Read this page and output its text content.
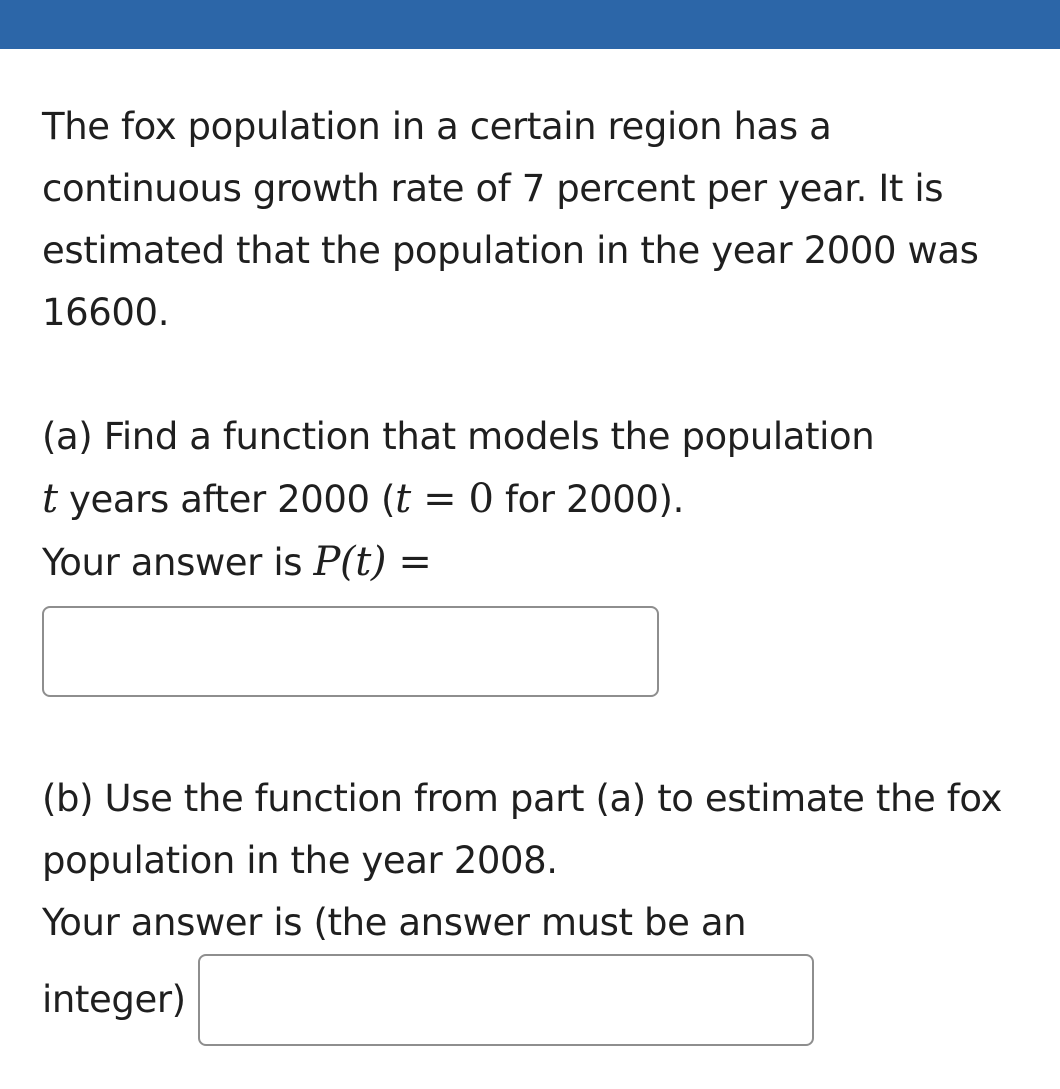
The fox population in a certain region has a continuous growth rate of 7 percent per year. It is estimated that the population in the year 2000 was 16600.

(a) Find a function that models the population
t years after 2000 (t = 0 for 2000).
Your answer is P(t) =
(b) Use the function from part (a) to estimate the fox population in the year 2008.
Your answer is (the answer must be an
integer)
